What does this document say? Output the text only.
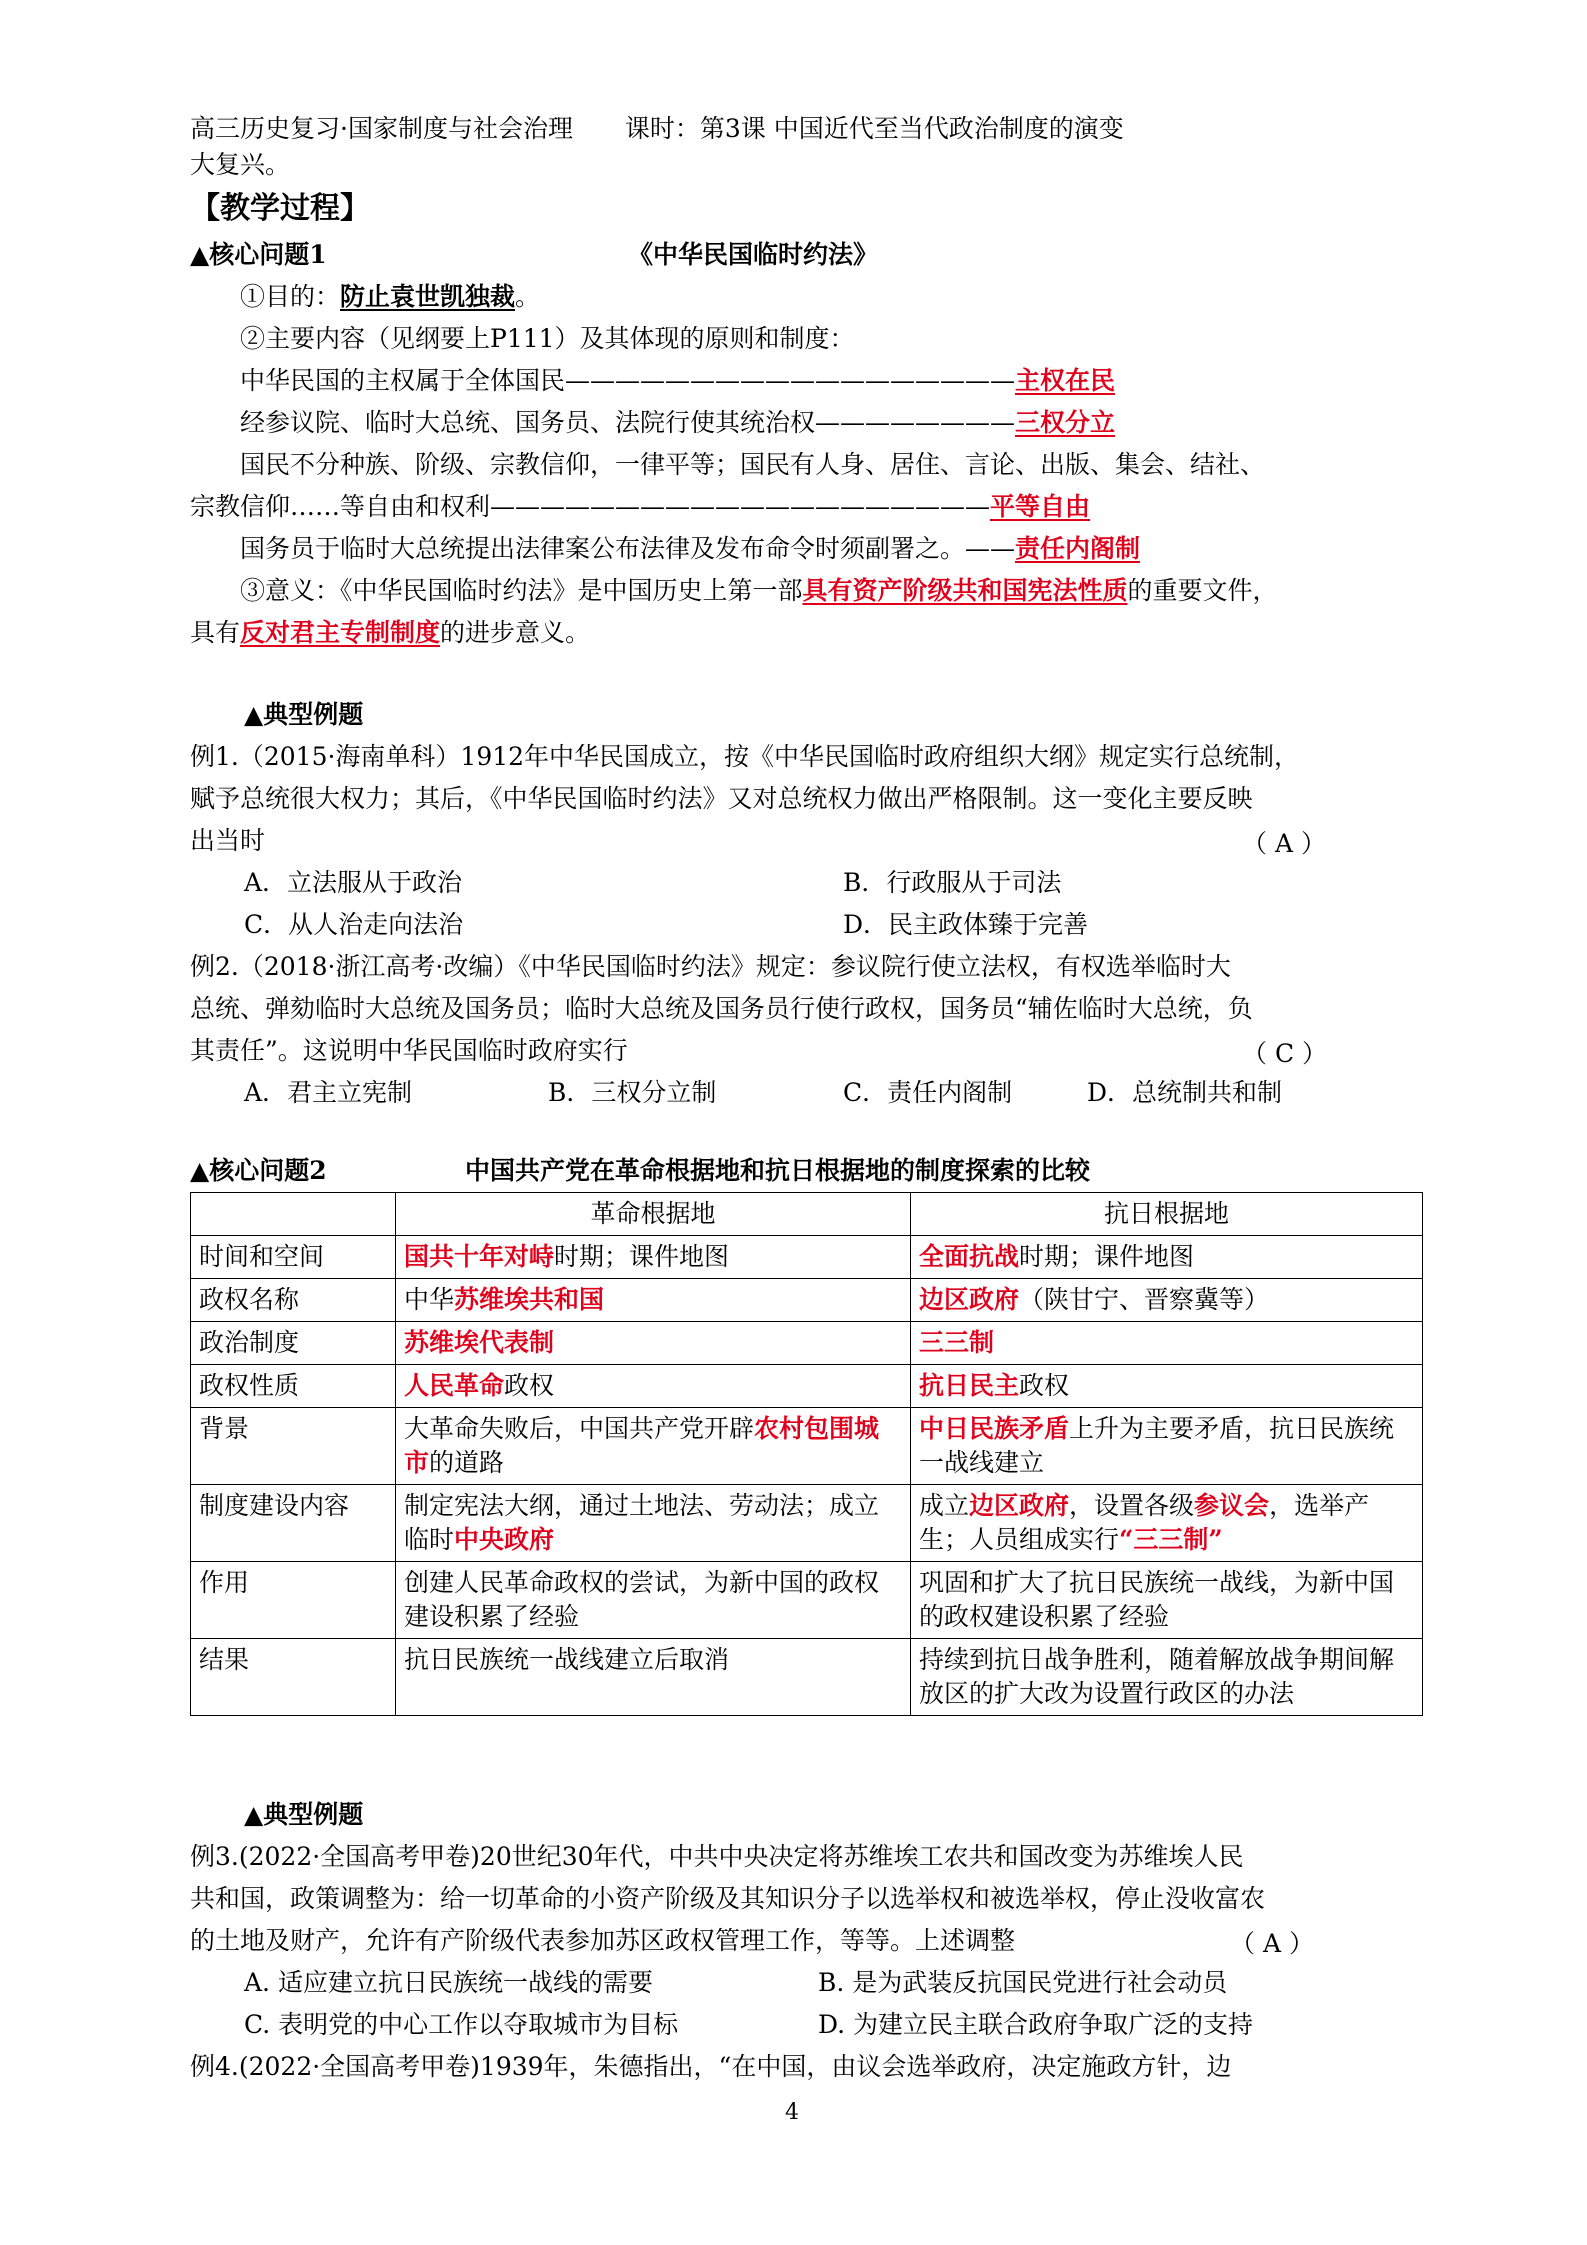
高三历史复习·国家制度与社会治理 课时：第3课 中国近代至当代政治制度的演变
大复兴。
【教学过程】
▲核心问题1	《中华民国临时约法》
①目的：防止袁世凯独裁。
②主要内容（见纲要上P111）及其体现的原则和制度：
中华民国的主权属于全体国民——————————————————主权在民
经参议院、临时大总统、国务员、法院行使其统治权————————三权分立
国民不分种族、阶级、宗教信仰，一律平等；国民有人身、居住、言论、出版、集会、结社、
宗教信仰……等自由和权利————————————————————平等自由
国务员于临时大总统提出法律案公布法律及发布命令时须副署之。——责任内阁制
③意义：《中华民国临时约法》是中国历史上第一部具有资产阶级共和国宪法性质的重要文件，
具有反对君主专制制度的进步意义。
▲典型例题
例1.（2015·海南单科）1912年中华民国成立，按《中华民国临时政府组织大纲》规定实行总统制，
赋予总统很大权力；其后，《中华民国临时约法》又对总统权力做出严格限制。这一变化主要反映
出当时	（ A ）
A．立法服从于政治	B．行政服从于司法
C．从人治走向法治	D．民主政体臻于完善
例2.（2018·浙江高考·改编）《中华民国临时约法》规定：参议院行使立法权，有权选举临时大
总统、弹劾临时大总统及国务员；临时大总统及国务员行使行政权，国务员“辅佐临时大总统，负
其责任”。这说明中华民国临时政府实行	（ C ）
A．君主立宪制	B．三权分立制	C．责任内阁制	D．总统制共和制
▲核心问题2	中国共产党在革命根据地和抗日根据地的制度探索的比较
	革命根据地	抗日根据地
时间和空间	国共十年对峙时期；课件地图	全面抗战时期；课件地图
政权名称	中华苏维埃共和国	边区政府（陕甘宁、晋察冀等）
政治制度	苏维埃代表制	三三制
政权性质	人民革命政权	抗日民主政权
背景	大革命失败后，中国共产党开辟农村包围城市的道路	中日民族矛盾上升为主要矛盾，抗日民族统一战线建立
制度建设内容	制定宪法大纲，通过土地法、劳动法；成立临时中央政府	成立边区政府，设置各级参议会，选举产生；人员组成实行“三三制”
作用	创建人民革命政权的尝试，为新中国的政权建设积累了经验	巩固和扩大了抗日民族统一战线，为新中国的政权建设积累了经验
结果	抗日民族统一战线建立后取消	持续到抗日战争胜利，随着解放战争期间解放区的扩大改为设置行政区的办法
▲典型例题
例3.(2022·全国高考甲卷)20世纪30年代，中共中央决定将苏维埃工农共和国改变为苏维埃人民
共和国，政策调整为：给一切革命的小资产阶级及其知识分子以选举权和被选举权，停止没收富农
的土地及财产，允许有产阶级代表参加苏区政权管理工作，等等。上述调整	（ A ）
A. 适应建立抗日民族统一战线的需要	B. 是为武装反抗国民党进行社会动员
C. 表明党的中心工作以夺取城市为目标	D. 为建立民主联合政府争取广泛的支持
例4.(2022·全国高考甲卷)1939年，朱德指出，“在中国，由议会选举政府，决定施政方针，边
4
